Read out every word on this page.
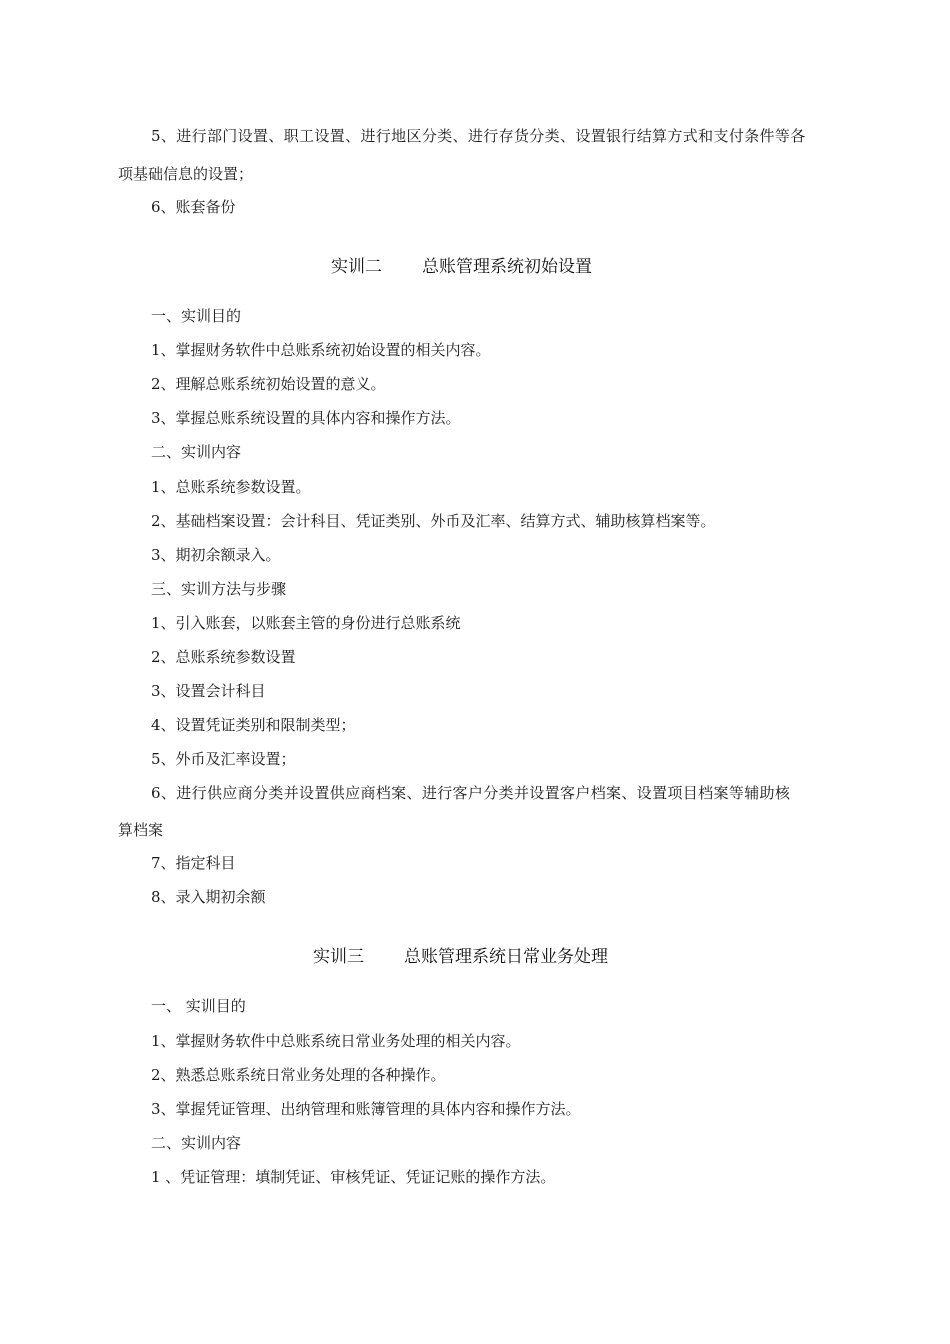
5、进行部门设置、职工设置、进行地区分类、进行存货分类、设置银行结算方式和支付条件等各
项基础信息的设置；
6、账套备份
实训二 总账管理系统初始设置
一、实训目的
1、掌握财务软件中总账系统初始设置的相关内容。
2、理解总账系统初始设置的意义。
3、掌握总账系统设置的具体内容和操作方法。
二、实训内容
1、总账系统参数设置。
2、基础档案设置：会计科目、凭证类别、外币及汇率、结算方式、辅助核算档案等。
3、期初余额录入。
三、实训方法与步骤
1、引入账套，以账套主管的身份进行总账系统
2、总账系统参数设置
3、设置会计科目
4、设置凭证类别和限制类型；
5、外币及汇率设置；
6、进行供应商分类并设置供应商档案、进行客户分类并设置客户档案、设置项目档案等辅助核
算档案
7、指定科目
8、录入期初余额
实训三 总账管理系统日常业务处理
一、 实训目的
1、掌握财务软件中总账系统日常业务处理的相关内容。
2、熟悉总账系统日常业务处理的各种操作。
3、掌握凭证管理、出纳管理和账簿管理的具体内容和操作方法。
二、实训内容
1 、凭证管理：填制凭证、审核凭证、凭证记账的操作方法。
